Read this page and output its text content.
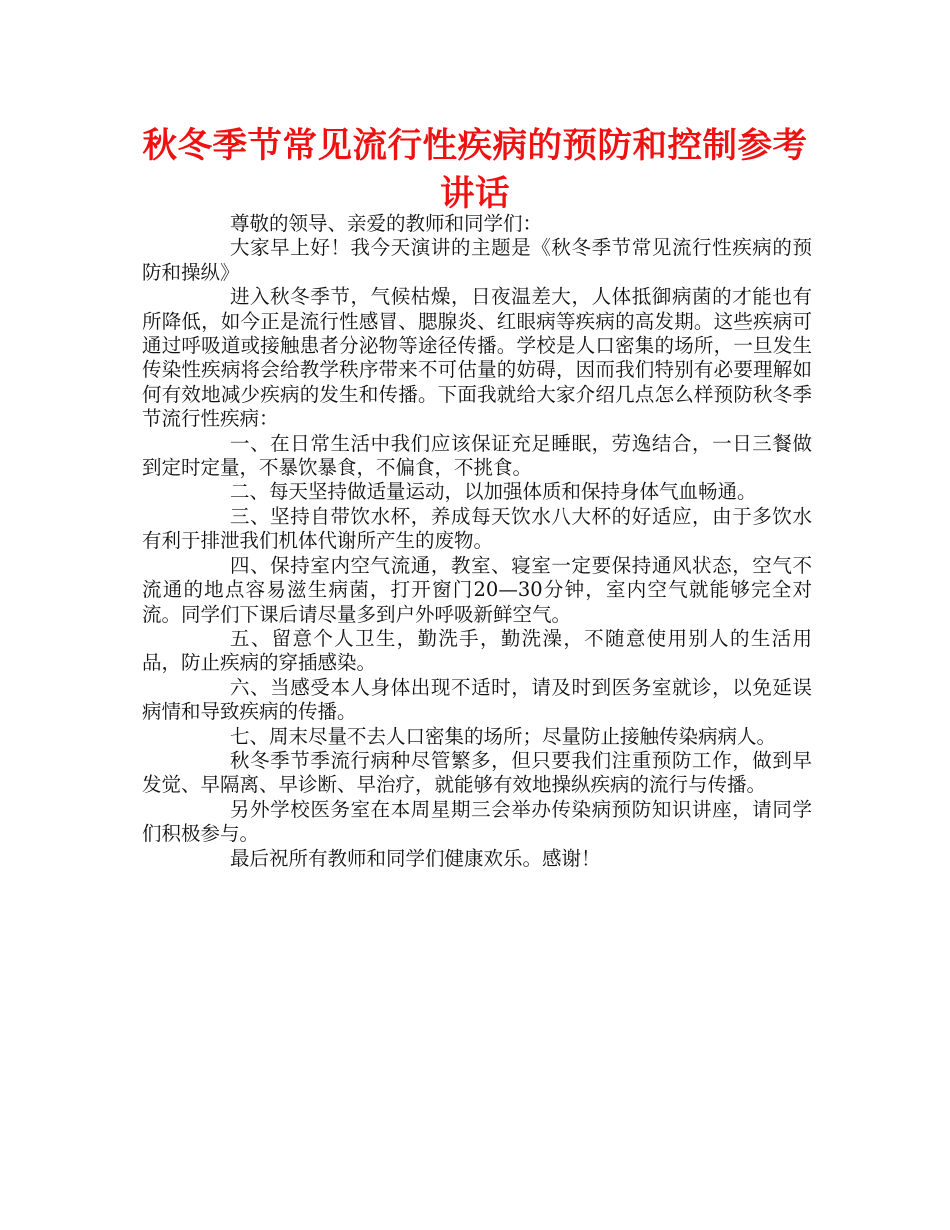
秋冬季节常见流行性疾病的预防和控制参考讲话

尊敬的领导、亲爱的教师和同学们：

大家早上好！我今天演讲的主题是《秋冬季节常见流行性疾病的预防和操纵》

进入秋冬季节，气候枯燥，日夜温差大，人体抵御病菌的才能也有所降低，如今正是流行性感冒、腮腺炎、红眼病等疾病的高发期。这些疾病可通过呼吸道或接触患者分泌物等途径传播。学校是人口密集的场所，一旦发生传染性疾病将会给教学秩序带来不可估量的妨碍，因而我们特别有必要理解如何有效地减少疾病的发生和传播。下面我就给大家介绍几点怎么样预防秋冬季节流行性疾病：

一、在日常生活中我们应该保证充足睡眠，劳逸结合，一日三餐做到定时定量，不暴饮暴食，不偏食，不挑食。

二、每天坚持做适量运动，以加强体质和保持身体气血畅通。

三、坚持自带饮水杯，养成每天饮水八大杯的好适应，由于多饮水有利于排泄我们机体代谢所产生的废物。

四、保持室内空气流通，教室、寝室一定要保持通风状态，空气不流通的地点容易滋生病菌，打开窗门20—30分钟，室内空气就能够完全对流。同学们下课后请尽量多到户外呼吸新鲜空气。

五、留意个人卫生，勤洗手，勤洗澡，不随意使用别人的生活用品，防止疾病的穿插感染。

六、当感受本人身体出现不适时，请及时到医务室就诊，以免延误病情和导致疾病的传播。

七、周末尽量不去人口密集的场所；尽量防止接触传染病病人。

秋冬季节季流行病种尽管繁多，但只要我们注重预防工作，做到早发觉、早隔离、早诊断、早治疗，就能够有效地操纵疾病的流行与传播。

另外学校医务室在本周星期三会举办传染病预防知识讲座，请同学们积极参与。

最后祝所有教师和同学们健康欢乐。感谢！
